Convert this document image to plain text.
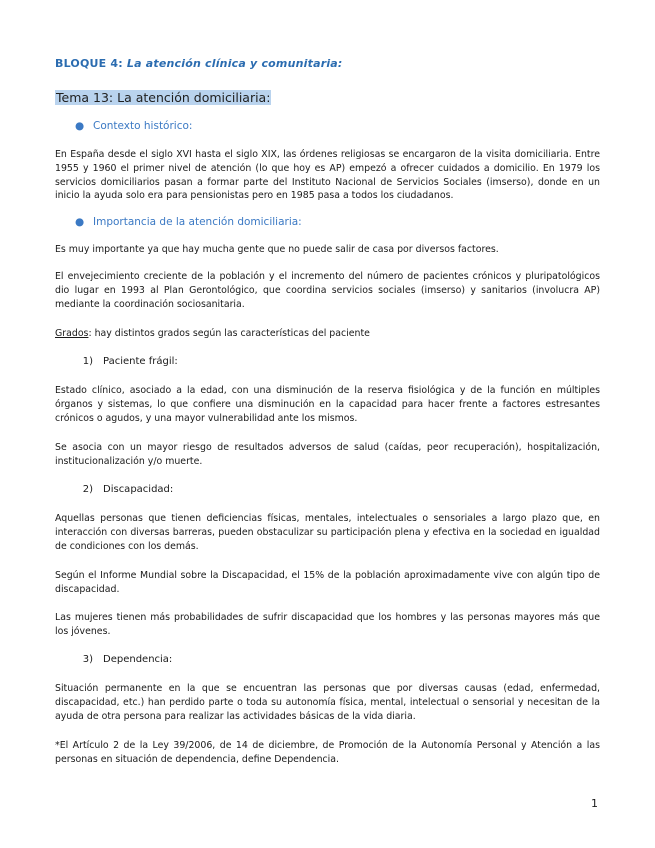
BLOQUE 4: La atención clínica y comunitaria:
Tema 13: La atención domiciliaria:
● Contexto histórico:
En España desde el siglo XVI hasta el siglo XIX, las órdenes religiosas se encargaron de la visita domiciliaria. Entre 1955 y 1960 el primer nivel de atención (lo que hoy es AP) empezó a ofrecer cuidados a domicilio. En 1979 los servicios domiciliarios pasan a formar parte del Instituto Nacional de Servicios Sociales (imserso), donde en un inicio la ayuda solo era para pensionistas pero en 1985 pasa a todos los ciudadanos.
● Importancia de la atención domiciliaria:
Es muy importante ya que hay mucha gente que no puede salir de casa por diversos factores.
El envejecimiento creciente de la población y el incremento del número de pacientes crónicos y pluripatológicos dio lugar en 1993 al Plan Gerontológico, que coordina servicios sociales (imserso) y sanitarios (involucra AP) mediante la coordinación sociosanitaria.
Grados: hay distintos grados según las características del paciente
1) Paciente frágil:
Estado clínico, asociado a la edad, con una disminución de la reserva fisiológica y de la función en múltiples órganos y sistemas, lo que confiere una disminución en la capacidad para hacer frente a factores estresantes crónicos o agudos, y una mayor vulnerabilidad ante los mismos.
Se asocia con un mayor riesgo de resultados adversos de salud (caídas, peor recuperación), hospitalización, institucionalización y/o muerte.
2) Discapacidad:
Aquellas personas que tienen deficiencias físicas, mentales, intelectuales o sensoriales a largo plazo que, en interacción con diversas barreras, pueden obstaculizar su participación plena y efectiva en la sociedad en igualdad de condiciones con los demás.
Según el Informe Mundial sobre la Discapacidad, el 15% de la población aproximadamente vive con algún tipo de discapacidad.
Las mujeres tienen más probabilidades de sufrir discapacidad que los hombres y las personas mayores más que los jóvenes.
3) Dependencia:
Situación permanente en la que se encuentran las personas que por diversas causas (edad, enfermedad, discapacidad, etc.) han perdido parte o toda su autonomía física, mental, intelectual o sensorial y necesitan de la ayuda de otra persona para realizar las actividades básicas de la vida diaria.
*El Artículo 2 de la Ley 39/2006, de 14 de diciembre, de Promoción de la Autonomía Personal y Atención a las personas en situación de dependencia, define Dependencia.
1
